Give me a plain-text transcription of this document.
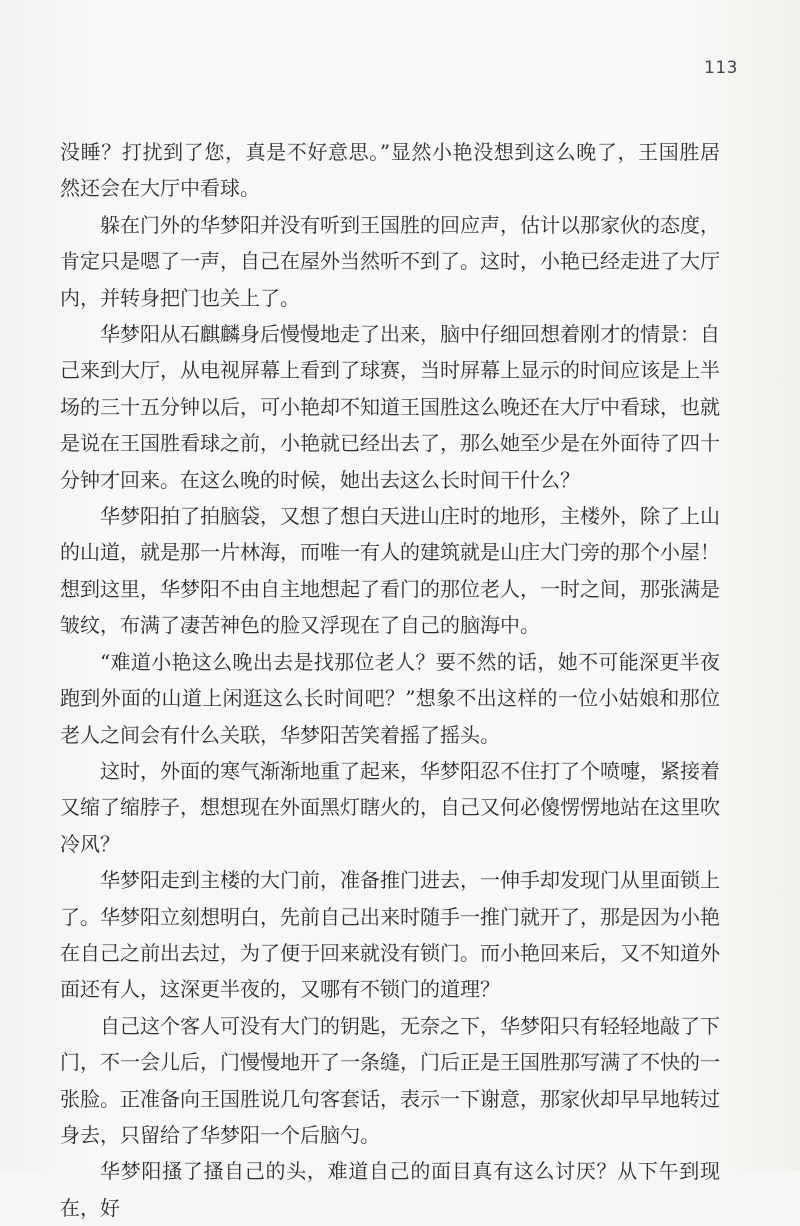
113

没睡？打扰到了您，真是不好意思。”显然小艳没想到这么晚了，王国胜居然还会在大厅中看球。

躲在门外的华梦阳并没有听到王国胜的回应声，估计以那家伙的态度，肯定只是嗯了一声，自己在屋外当然听不到了。这时，小艳已经走进了大厅内，并转身把门也关上了。

华梦阳从石麒麟身后慢慢地走了出来，脑中仔细回想着刚才的情景：自己来到大厅，从电视屏幕上看到了球赛，当时屏幕上显示的时间应该是上半场的三十五分钟以后，可小艳却不知道王国胜这么晚还在大厅中看球，也就是说在王国胜看球之前，小艳就已经出去了，那么她至少是在外面待了四十分钟才回来。在这么晚的时候，她出去这么长时间干什么？

华梦阳拍了拍脑袋，又想了想白天进山庄时的地形，主楼外，除了上山的山道，就是那一片林海，而唯一有人的建筑就是山庄大门旁的那个小屋！想到这里，华梦阳不由自主地想起了看门的那位老人，一时之间，那张满是皱纹，布满了凄苦神色的脸又浮现在了自己的脑海中。

“难道小艳这么晚出去是找那位老人？要不然的话，她不可能深更半夜跑到外面的山道上闲逛这么长时间吧？”想象不出这样的一位小姑娘和那位老人之间会有什么关联，华梦阳苦笑着摇了摇头。

这时，外面的寒气渐渐地重了起来，华梦阳忍不住打了个喷嚏，紧接着又缩了缩脖子，想想现在外面黑灯瞎火的，自己又何必傻愣愣地站在这里吹冷风？

华梦阳走到主楼的大门前，准备推门进去，一伸手却发现门从里面锁上了。华梦阳立刻想明白，先前自己出来时随手一推门就开了，那是因为小艳在自己之前出去过，为了便于回来就没有锁门。而小艳回来后，又不知道外面还有人，这深更半夜的，又哪有不锁门的道理？

自己这个客人可没有大门的钥匙，无奈之下，华梦阳只有轻轻地敲了下门，不一会儿后，门慢慢地开了一条缝，门后正是王国胜那写满了不快的一张脸。正准备向王国胜说几句客套话，表示一下谢意，那家伙却早早地转过身去，只留给了华梦阳一个后脑勺。

华梦阳搔了搔自己的头，难道自己的面目真有这么讨厌？从下午到现在，好
